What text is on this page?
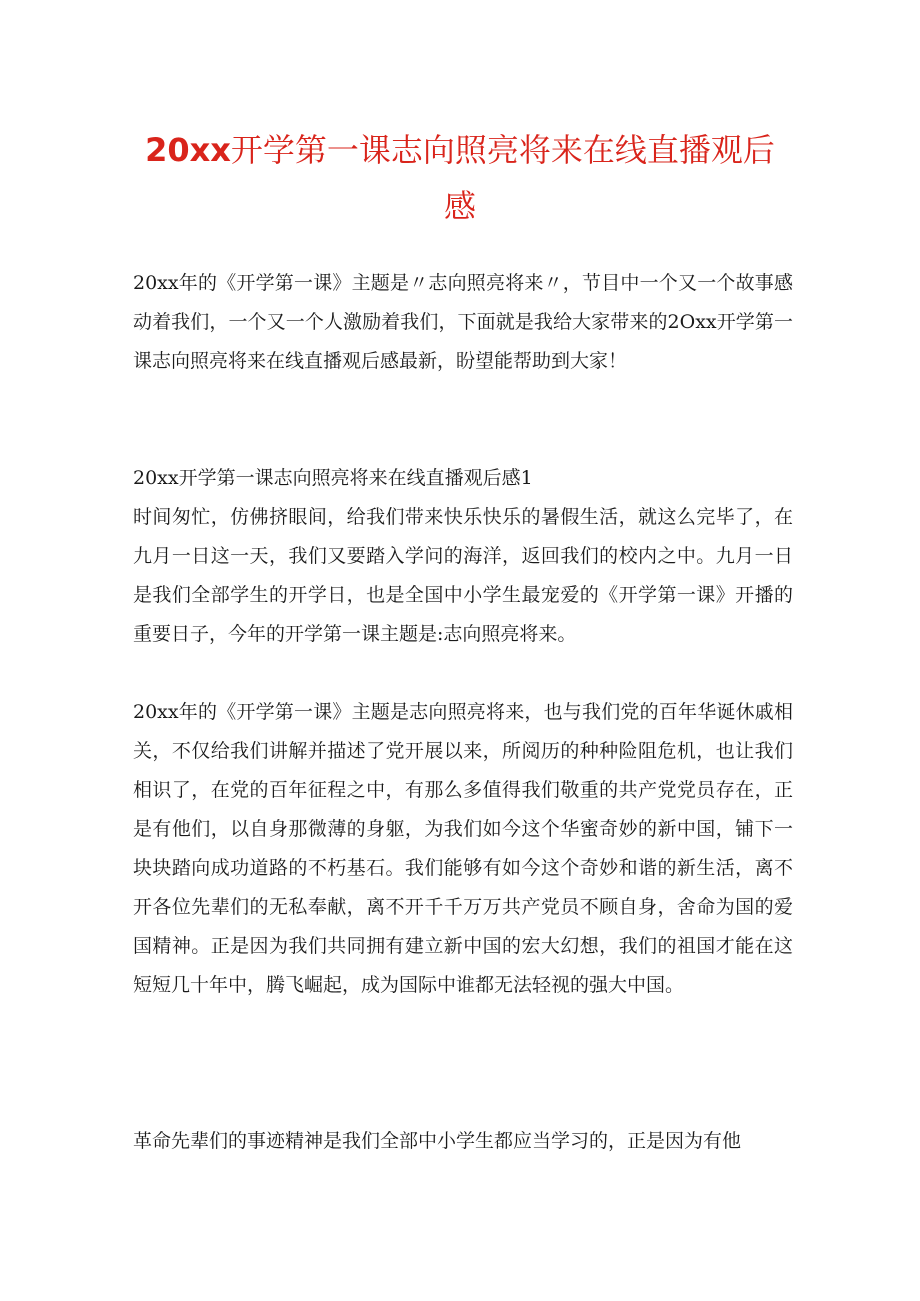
20xx开学第一课志向照亮将来在线直播观后感

20xx年的《开学第一课》主题是〃志向照亮将来〃，节目中一个又一个故事感动着我们，一个又一个人激励着我们，下面就是我给大家带来的2Oxx开学第一课志向照亮将来在线直播观后感最新，盼望能帮助到大家！

20xx开学第一课志向照亮将来在线直播观后感1

时间匆忙，仿佛挤眼间，给我们带来快乐快乐的暑假生活，就这么完毕了，在九月一日这一天，我们又要踏入学问的海洋，返回我们的校内之中。九月一日是我们全部学生的开学日，也是全国中小学生最宠爱的《开学第一课》开播的重要日子，今年的开学第一课主题是:志向照亮将来。

20xx年的《开学第一课》主题是志向照亮将来，也与我们党的百年华诞休戚相关，不仅给我们讲解并描述了党开展以来，所阅历的种种险阻危机，也让我们相识了，在党的百年征程之中，有那么多值得我们敬重的共产党党员存在，正是有他们，以自身那微薄的身躯，为我们如今这个华蜜奇妙的新中国，铺下一块块踏向成功道路的不朽基石。我们能够有如今这个奇妙和谐的新生活，离不开各位先辈们的无私奉献，离不开千千万万共产党员不顾自身，舍命为国的爱国精神。正是因为我们共同拥有建立新中国的宏大幻想，我们的祖国才能在这短短几十年中，腾飞崛起，成为国际中谁都无法轻视的强大中国。

革命先辈们的事迹精神是我们全部中小学生都应当学习的，正是因为有他
